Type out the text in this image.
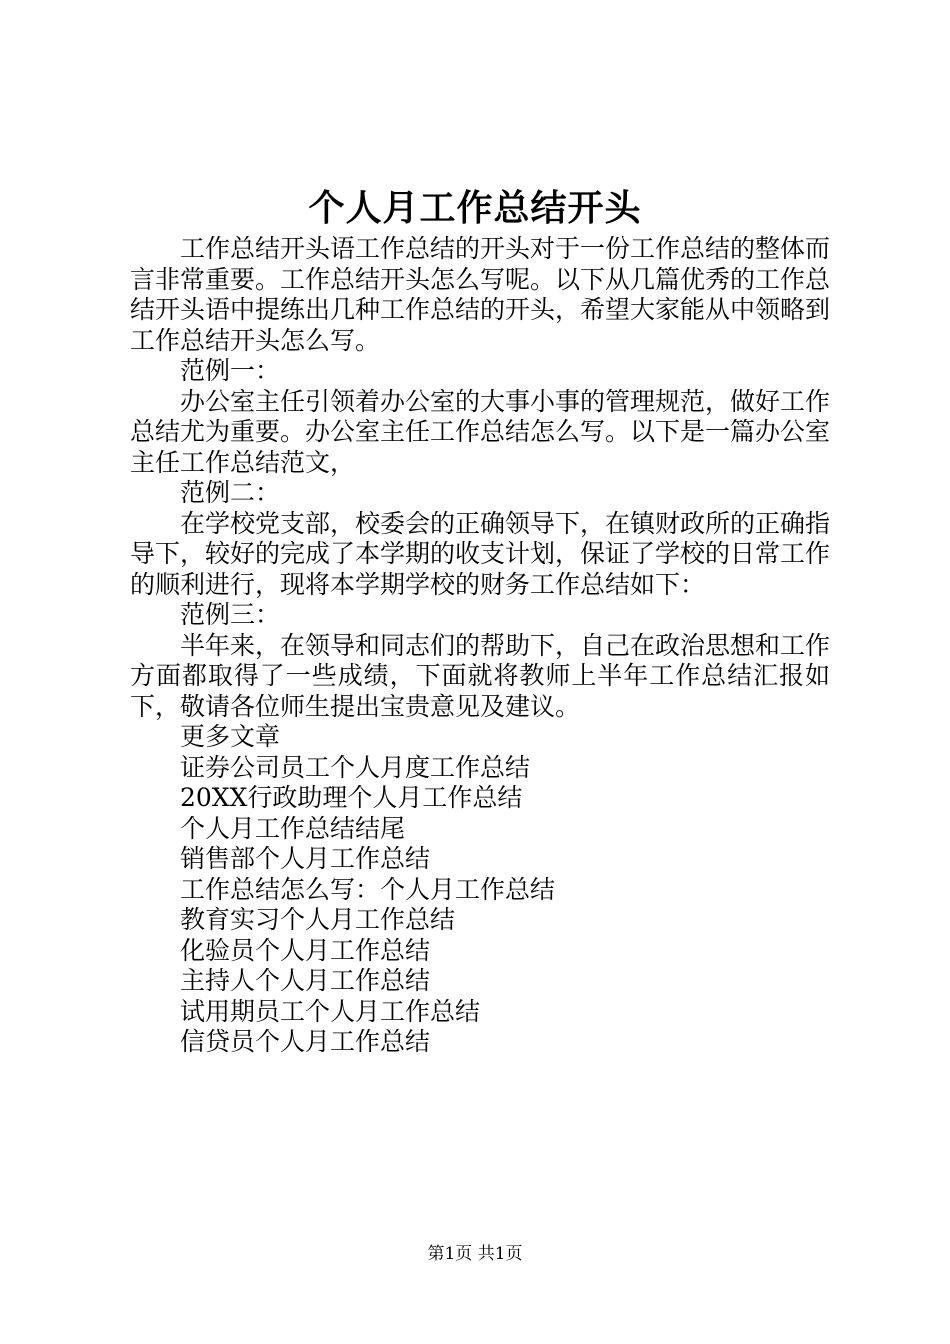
个人月工作总结开头

工作总结开头语工作总结的开头对于一份工作总结的整体而言非常重要。工作总结开头怎么写呢。以下从几篇优秀的工作总结开头语中提练出几种工作总结的开头，希望大家能从中领略到工作总结开头怎么写。

范例一：

办公室主任引领着办公室的大事小事的管理规范，做好工作总结尤为重要。办公室主任工作总结怎么写。以下是一篇办公室主任工作总结范文，

范例二：

在学校党支部，校委会的正确领导下，在镇财政所的正确指导下，较好的完成了本学期的收支计划，保证了学校的日常工作的顺利进行，现将本学期学校的财务工作总结如下：

范例三：

半年来，在领导和同志们的帮助下，自己在政治思想和工作方面都取得了一些成绩，下面就将教师上半年工作总结汇报如下，敬请各位师生提出宝贵意见及建议。

更多文章

证券公司员工个人月度工作总结
20XX行政助理个人月工作总结
个人月工作总结结尾
销售部个人月工作总结
工作总结怎么写：个人月工作总结
教育实习个人月工作总结
化验员个人月工作总结
主持人个人月工作总结
试用期员工个人月工作总结
信贷员个人月工作总结
第1页 共1页
